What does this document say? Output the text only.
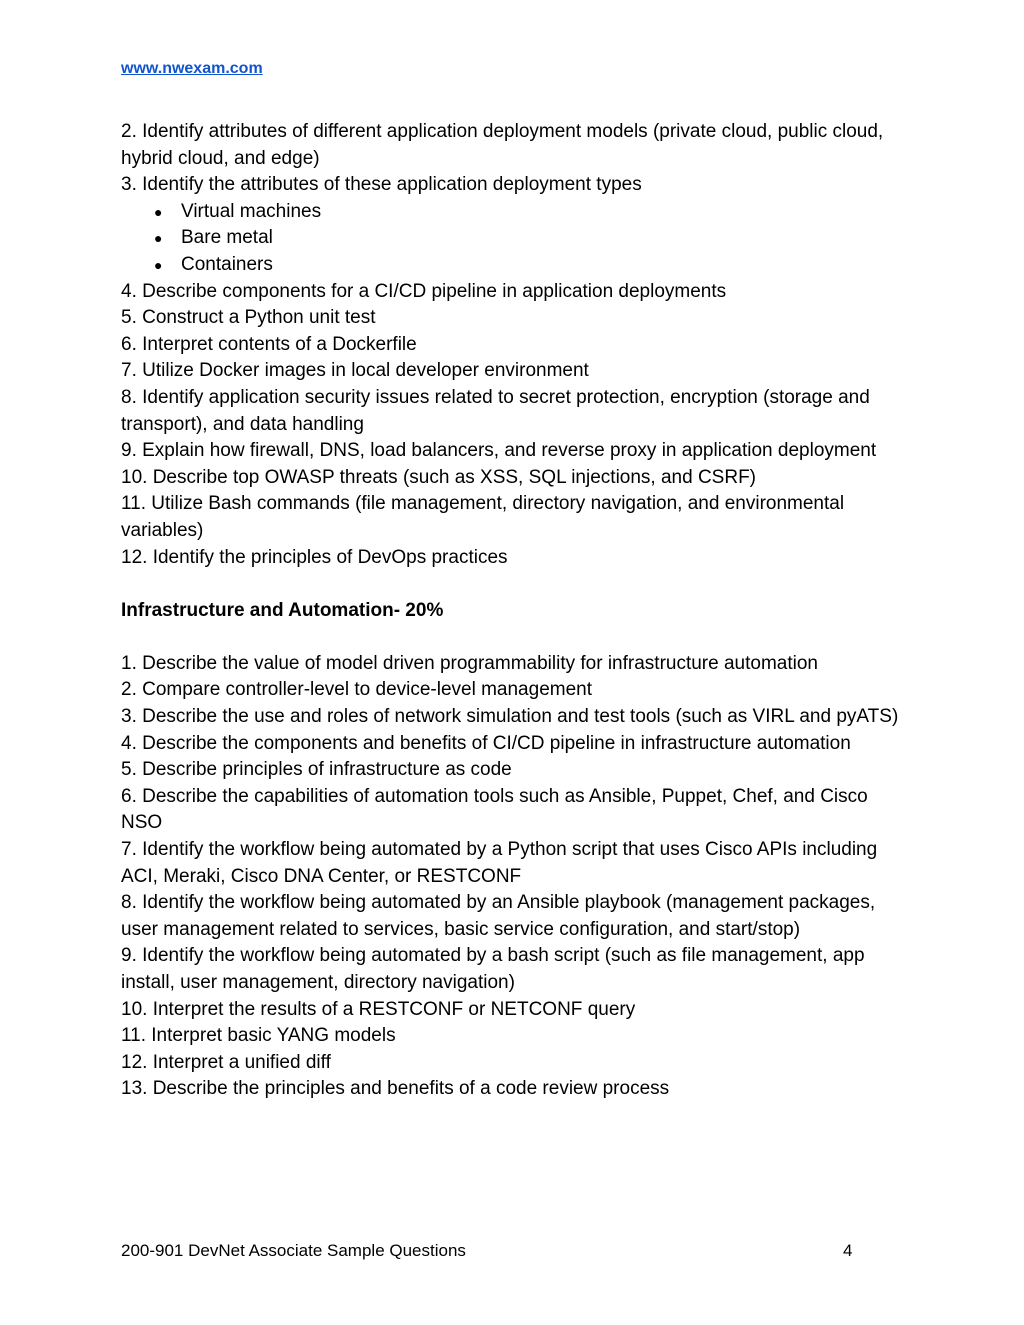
www.nwexam.com

2. Identify attributes of different application deployment models (private cloud, public cloud, hybrid cloud, and edge)

3. Identify the attributes of these application deployment types

● Virtual machines
● Bare metal
● Containers

4. Describe components for a CI/CD pipeline in application deployments

5. Construct a Python unit test

6. Interpret contents of a Dockerfile

7. Utilize Docker images in local developer environment

8. Identify application security issues related to secret protection, encryption (storage and transport), and data handling

9. Explain how firewall, DNS, load balancers, and reverse proxy in application deployment

10. Describe top OWASP threats (such as XSS, SQL injections, and CSRF)

11. Utilize Bash commands (file management, directory navigation, and environmental variables)

12. Identify the principles of DevOps practices

Infrastructure and Automation- 20%

1. Describe the value of model driven programmability for infrastructure automation

2. Compare controller-level to device-level management

3. Describe the use and roles of network simulation and test tools (such as VIRL and pyATS)

4. Describe the components and benefits of CI/CD pipeline in infrastructure automation

5. Describe principles of infrastructure as code

6. Describe the capabilities of automation tools such as Ansible, Puppet, Chef, and Cisco NSO

7. Identify the workflow being automated by a Python script that uses Cisco APIs including ACI, Meraki, Cisco DNA Center, or RESTCONF

8. Identify the workflow being automated by an Ansible playbook (management packages, user management related to services, basic service configuration, and start/stop)

9. Identify the workflow being automated by a bash script (such as file management, app install, user management, directory navigation)

10. Interpret the results of a RESTCONF or NETCONF query

11. Interpret basic YANG models

12. Interpret a unified diff

13. Describe the principles and benefits of a code review process

200-901 DevNet Associate Sample Questions	4
